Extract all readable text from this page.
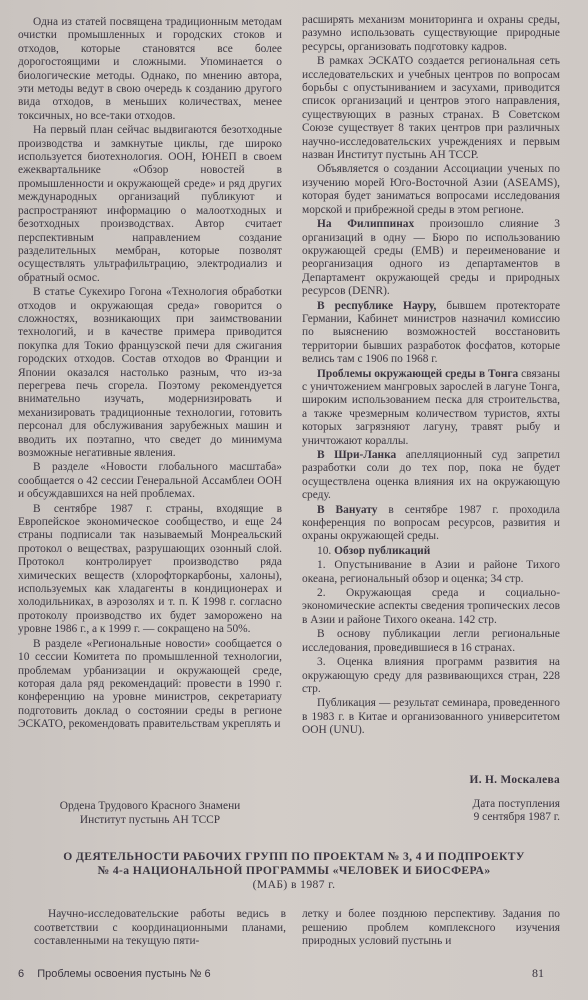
Одна из статей посвящена традиционным методам очистки промышленных и городских стоков и отходов, которые становятся все более дорогостоящими и сложными. Упоминается о биологические методы. Однако, по мнению автора, эти методы ведут в свою очередь к созданию другого вида отходов, в меньших количествах, менее токсичных, но все-таки отходов.

На первый план сейчас выдвигаются безотходные производства и замкнутые циклы, где широко используется биотехнология. ООН, ЮНЕП в своем ежеквартальнике «Обзор новостей в промышленности и окружающей среде» и ряд других международных организаций публикуют и распространяют информацию о малоотходных и безотходных производствах. Автор считает перспективным направлением создание разделительных мембран, которые позволят осуществлять ультрафильтрацию, электродиализ и обратный осмос.

В статье Сукехиро Гогона «Технология обработки отходов и окружающая среда» говорится о сложностях, возникающих при заимствовании технологий, и в качестве примера приводится покупка для Токио французской печи для сжигания городских отходов. Состав отходов во Франции и Японии оказался настолько разным, что из-за перегрева печь сгорела. Поэтому рекомендуется внимательно изучать, модернизировать и механизировать традиционные технологии, готовить персонал для обслуживания зарубежных машин и вводить их поэтапно, что сведет до минимума возможные негативные явления.

В разделе «Новости глобального масштаба» сообщается о 42 сессии Генеральной Ассамблеи ООН и обсуждавшихся на ней проблемах.

В сентябре 1987 г. страны, входящие в Европейское экономическое сообщество, и еще 24 страны подписали так называемый Монреальский протокол о веществах, разрушающих озонный слой. Протокол контролирует производство ряда химических веществ (хлорофторкарбоны, халоны), используемых как хладагенты в кондиционерах и холодильниках, в аэрозолях и т. п. К 1998 г. согласно протоколу производство их будет заморожено на уровне 1986 г., а к 1999 г. — сокращено на 50%.

В разделе «Региональные новости» сообщается о 10 сессии Комитета по промышленной технологии, проблемам урбанизации и окружающей среде, которая дала ряд рекомендаций: провести в 1990 г. конференцию на уровне министров, секретариату подготовить доклад о состоянии среды в регионе ЭСКАТО, рекомендовать правительствам укреплять и

расширять механизм мониторинга и охраны среды, разумно использовать существующие природные ресурсы, организовать подготовку кадров.

В рамках ЭСКАТО создается региональная сеть исследовательских и учебных центров по вопросам борьбы с опустыниванием и засухами, приводится список организаций и центров этого направления, существующих в разных странах. В Советском Союзе существует 8 таких центров при различных научно-исследовательских учреждениях и первым назван Институт пустынь АН ТССР.

Объявляется о создании Ассоциации ученых по изучению морей Юго-Восточной Азии (ASEAMS), которая будет заниматься вопросами исследования морской и прибрежной среды в этом регионе.

На Филиппинах произошло слияние 3 организаций в одну — Бюро по использованию окружающей среды (EMB) и переименование и реорганизация одного из департаментов в Департамент окружающей среды и природных ресурсов (DENR).

В республике Науру, бывшем протекторате Германии, Кабинет министров назначил комиссию по выяснению возможностей восстановить территории бывших разработок фосфатов, которые велись там с 1906 по 1968 г.

Проблемы окружающей среды в Тонга связаны с уничтожением мангровых зарослей в лагуне Тонга, широким использованием песка для строительства, а также чрезмерным количеством туристов, яхты которых загрязняют лагуну, травят рыбу и уничтожают кораллы.

В Шри-Ланка апелляционный суд запретил разработки соли до тех пор, пока не будет осуществлена оценка влияния их на окружающую среду.

В Вануату в сентябре 1987 г. проходила конференция по вопросам ресурсов, развития и охраны окружающей среды.

10. Обзор публикаций

1. Опустынивание в Азии и районе Тихого океана, региональный обзор и оценка; 34 стр.

2. Окружающая среда и социально-экономические аспекты сведения тропических лесов в Азии и районе Тихого океана. 142 стр.

В основу публикации легли региональные исследования, проведившиеся в 16 странах.

3. Оценка влияния программ развития на окружающую среду для развивающихся стран, 228 стр.

Публикация — результат семинара, проведенного в 1983 г. в Китае и организованного университетом ООН (UNU).

Ордена Трудового Красного Знамени
Институт пустынь АН ТССР
И. Н. Москалева
Дата поступления
9 сентября 1987 г.
О ДЕЯТЕЛЬНОСТИ РАБОЧИХ ГРУПП ПО ПРОЕКТАМ № 3, 4 И ПОДПРОЕКТУ
№ 4-а НАЦИОНАЛЬНОЙ ПРОГРАММЫ «ЧЕЛОВЕК И БИОСФЕРА»
(МАБ) в 1987 г.
Научно-исследовательские работы ведись в соответствии с координационными планами, составленными на текущую пяти-
летку и более позднюю перспективу. Задания по решению проблем комплексного изучения природных условий пустынь и
6 Проблемы освоения пустынь № 6	81
